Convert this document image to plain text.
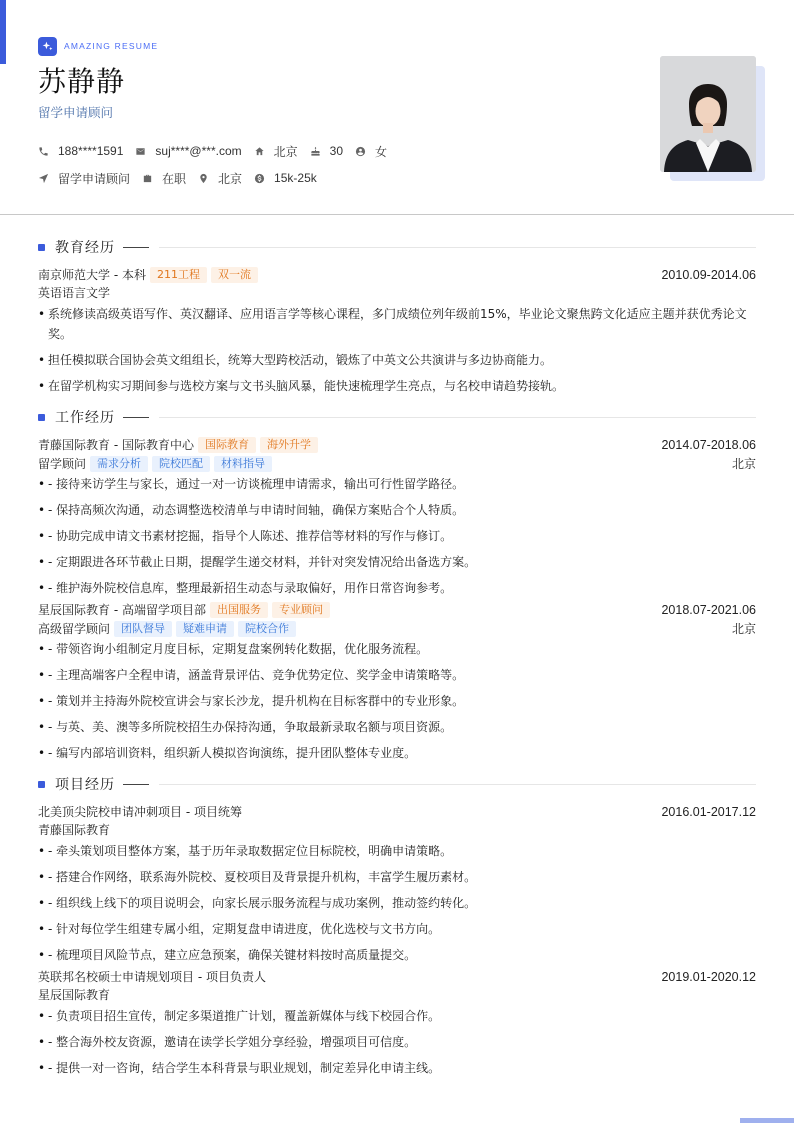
AMAZING RESUME
苏静静
留学申请顾问
188****1591	suj****@***.com	北京	30	女
留学申请顾问	在职	北京	15k-25k
教育经历
南京师范大学 - 本科	211工程	双一流	2010.09-2014.06
英语语言文学
• 系统修读高级英语写作、英汉翻译、应用语言学等核心课程，多门成绩位列年级前15%，毕业论文聚焦跨文化适应主题并获优秀论文奖。
• 担任模拟联合国协会英文组组长，统筹大型跨校活动，锻炼了中英文公共演讲与多边协商能力。
• 在留学机构实习期间参与选校方案与文书头脑风暴，能快速梳理学生亮点，与名校申请趋势接轨。
工作经历
青藤国际教育 - 国际教育中心	国际教育	海外升学	2014.07-2018.06
留学顾问	需求分析	院校匹配	材料指导	北京
• - 接待来访学生与家长，通过一对一访谈梳理申请需求，输出可行性留学路径。
• - 保持高频次沟通，动态调整选校清单与申请时间轴，确保方案贴合个人特质。
• - 协助完成申请文书素材挖掘，指导个人陈述、推荐信等材料的写作与修订。
• - 定期跟进各环节截止日期，提醒学生递交材料，并针对突发情况给出备选方案。
• - 维护海外院校信息库，整理最新招生动态与录取偏好，用作日常咨询参考。
星辰国际教育 - 高端留学项目部	出国服务	专业顾问	2018.07-2021.06
高级留学顾问	团队督导	疑难申请	院校合作	北京
• - 带领咨询小组制定月度目标，定期复盘案例转化数据，优化服务流程。
• - 主理高端客户全程申请，涵盖背景评估、竞争优势定位、奖学金申请策略等。
• - 策划并主持海外院校宣讲会与家长沙龙，提升机构在目标客群中的专业形象。
• - 与英、美、澳等多所院校招生办保持沟通，争取最新录取名额与项目资源。
• - 编写内部培训资料，组织新人模拟咨询演练，提升团队整体专业度。
项目经历
北美顶尖院校申请冲刺项目 - 项目统筹	2016.01-2017.12
青藤国际教育
• - 牵头策划项目整体方案，基于历年录取数据定位目标院校，明确申请策略。
• - 搭建合作网络，联系海外院校、夏校项目及背景提升机构，丰富学生履历素材。
• - 组织线上线下的项目说明会，向家长展示服务流程与成功案例，推动签约转化。
• - 针对每位学生组建专属小组，定期复盘申请进度，优化选校与文书方向。
• - 梳理项目风险节点，建立应急预案，确保关键材料按时高质量提交。
英联邦名校硕士申请规划项目 - 项目负责人	2019.01-2020.12
星辰国际教育
• - 负责项目招生宣传，制定多渠道推广计划，覆盖新媒体与线下校园合作。
• - 整合海外校友资源，邀请在读学长学姐分享经验，增强项目可信度。
• - 提供一对一咨询，结合学生本科背景与职业规划，制定差异化申请主线。
